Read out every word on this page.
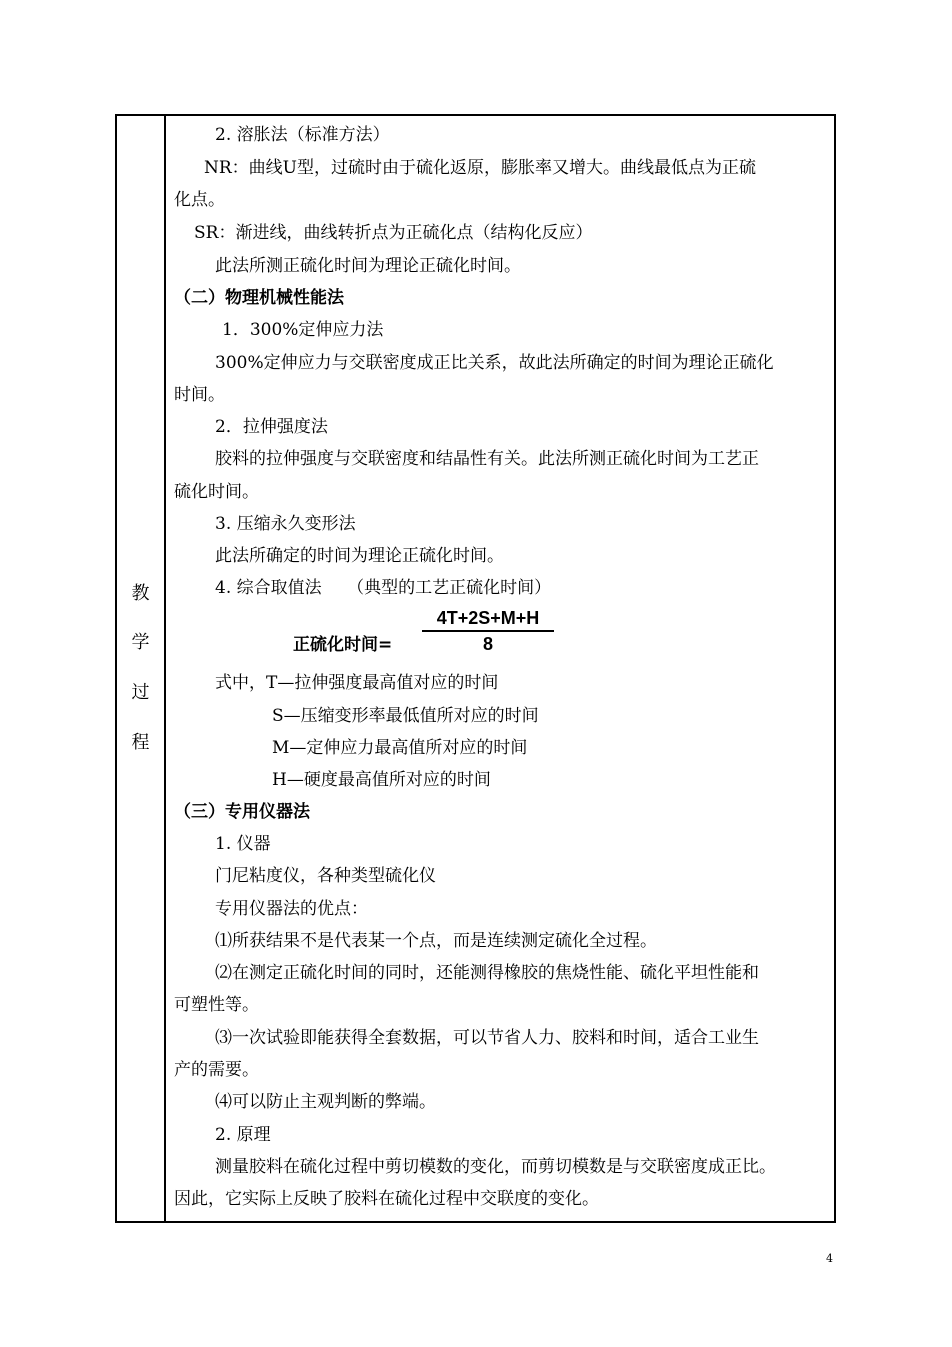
教
学
过
程
2. 溶胀法（标准方法）
NR：曲线U型，过硫时由于硫化返原，膨胀率又增大。曲线最低点为正硫
化点。
SR：渐进线，曲线转折点为正硫化点（结构化反应）
此法所测正硫化时间为理论正硫化时间。
（二）物理机械性能法
1．300%定伸应力法
300%定伸应力与交联密度成正比关系，故此法所确定的时间为理论正硫化
时间。
2．拉伸强度法
胶料的拉伸强度与交联密度和结晶性有关。此法所测正硫化时间为工艺正
硫化时间。
3. 压缩永久变形法
此法所确定的时间为理论正硫化时间。
4. 综合取值法　　（典型的工艺正硫化时间）
正硫化时间=
4T+2S+M+H
8
式中，T—拉伸强度最高值对应的时间
S—压缩变形率最低值所对应的时间
M—定伸应力最高值所对应的时间
H—硬度最高值所对应的时间
（三）专用仪器法
1. 仪器
门尼粘度仪，各种类型硫化仪
专用仪器法的优点：
⑴所获结果不是代表某一个点，而是连续测定硫化全过程。
⑵在测定正硫化时间的同时，还能测得橡胶的焦烧性能、硫化平坦性能和
可塑性等。
⑶一次试验即能获得全套数据，可以节省人力、胶料和时间，适合工业生
产的需要。
⑷可以防止主观判断的弊端。
2. 原理
测量胶料在硫化过程中剪切模数的变化，而剪切模数是与交联密度成正比。
因此，它实际上反映了胶料在硫化过程中交联度的变化。
4
